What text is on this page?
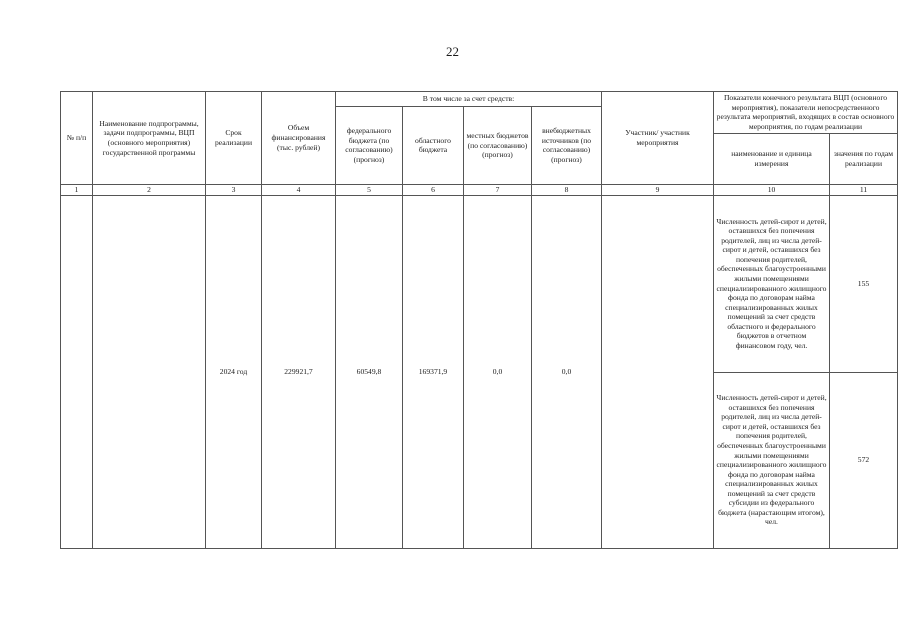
22
№ п/п	Наименование подпрограммы, задачи подпрограммы, ВЦП (основного мероприятия) государственной программы	Срок реализации	Объем финансирования (тыс. рублей)	В том числе за счет средств:				Участник/ участник мероприятия	Показатели конечного результата ВЦП (основного мероприятия), показатели непосредственного результата мероприятий, входящих в состав основного мероприятия, по годам реализации	
				федерального бюджета (по согласованию) (прогноз)	областного бюджета	местных бюджетов (по согласованию) (прогноз)	внебюджетных источников (по согласованию) (прогноз)			
									наименование и единица измерения	значения по годам реализации
1	2	3	4	5	6	7	8	9	10	11
		2024 год	229921,7	60549,8	169371,9	0,0	0,0		Численность детей-сирот и детей, оставшихся без попечения родителей, лиц из числа детей-сирот и детей, оставшихся без попечения родителей, обеспеченных благоустроенными жилыми помещениями специализированного жилищного фонда по договорам найма специализированных жилых помещений за счет средств областного и федерального бюджетов в отчетном финансовом году, чел.	155
									Численность детей-сирот и детей, оставшихся без попечения родителей, лиц из числа детей-сирот и детей, оставшихся без попечения родителей, обеспеченных благоустроенными жилыми помещениями специализированного жилищного фонда по договорам найма специализированных жилых помещений за счет средств субсидии из федерального бюджета (нарастающим итогом), чел.	572
